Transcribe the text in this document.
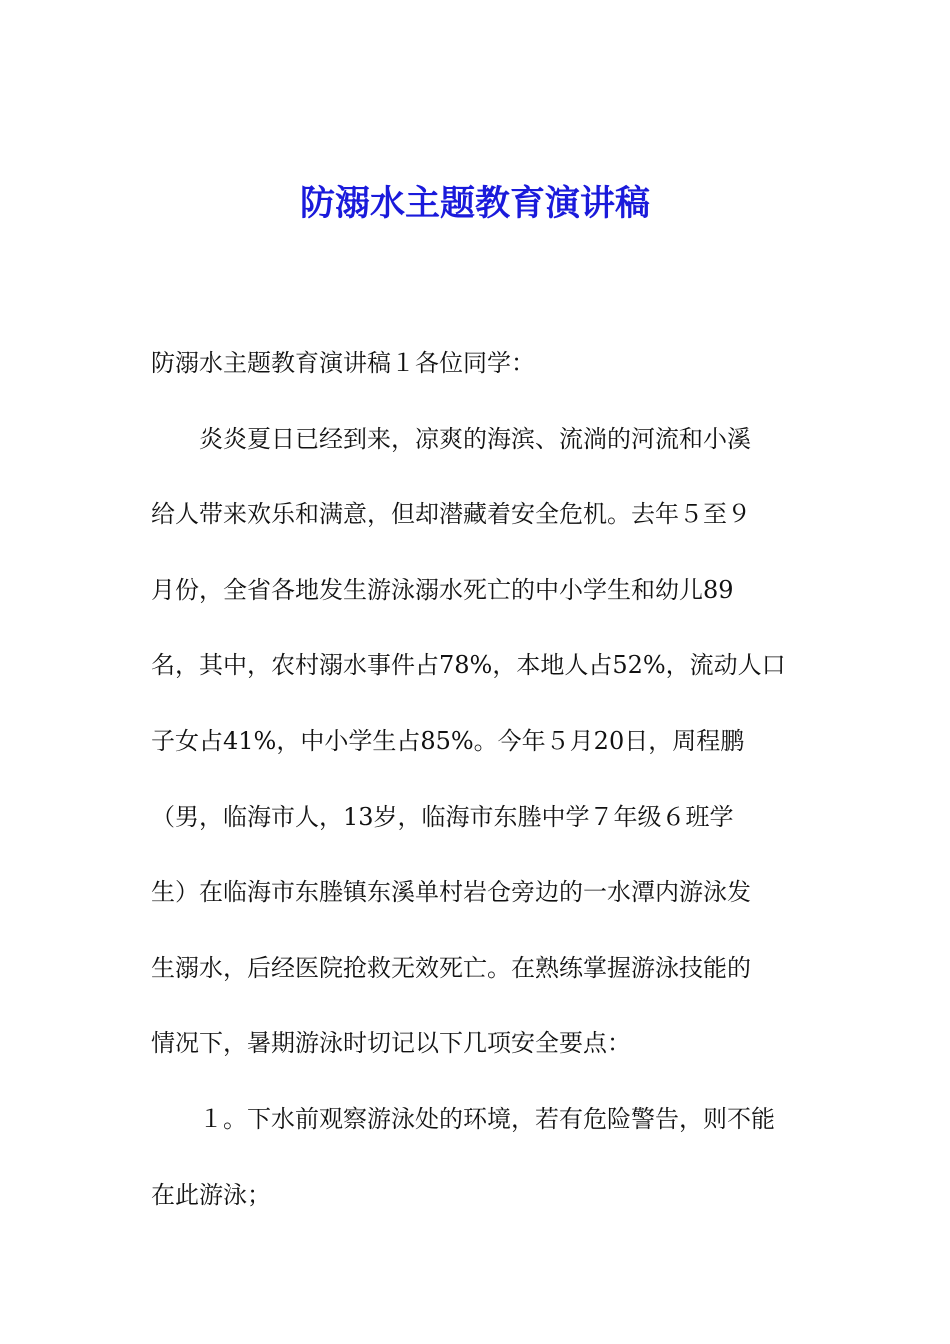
防溺水主题教育演讲稿

防溺水主题教育演讲稿１各位同学：

炎炎夏日已经到来，凉爽的海滨、流淌的河流和小溪
给人带来欢乐和满意，但却潜藏着安全危机。去年５至９
月份，全省各地发生游泳溺水死亡的中小学生和幼儿89
名，其中，农村溺水事件占78%，本地人占52%，流动人口
子女占41%，中小学生占85%。今年５月20日，周程鹏
（男，临海市人，13岁，临海市东塍中学７年级６班学
生）在临海市东塍镇东溪单村岩仓旁边的一水潭内游泳发
生溺水，后经医院抢救无效死亡。在熟练掌握游泳技能的
情况下，暑期游泳时切记以下几项安全要点：

１。下水前观察游泳处的环境，若有危险警告，则不能
在此游泳；
